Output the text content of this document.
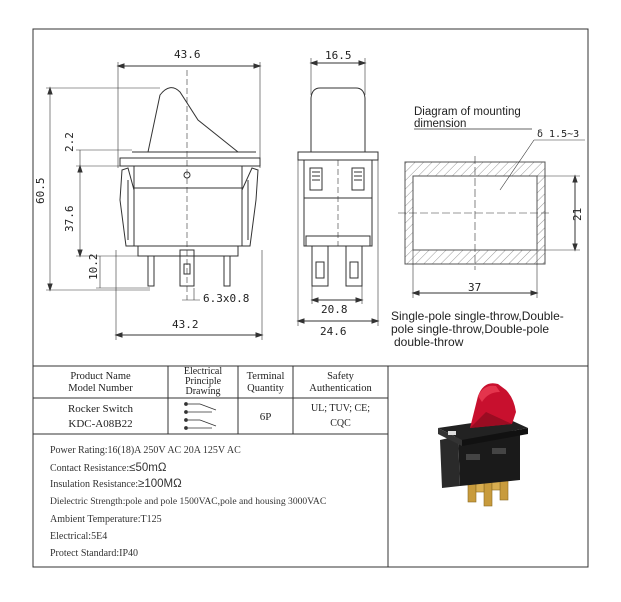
43.6
43.2
60.5
2.2
37.6
10.2
6.3x0.8
16.5
20.8
24.6
Diagram of mounting
dimension
δ 1.5~3
37
21
Single-pole single-throw,Double-
pole single-throw,Double-pole
double-throw
Product Name
Model Number
Electrical
Principle
Drawing
Terminal
Quantity
Safety
Authentication
Rocker Switch
KDC-A08B22
6P
UL; TUV; CE;
CQC
Power Rating:16(18)A 250V AC 20A 125V AC
Contact Resistance:≤50mΩ
Insulation Resistance:≥100MΩ
Dielectric Strength:pole and pole 1500VAC,pole and housing 3000VAC
Ambient Temperature:T125
Electrical:5E4
Protect Standard:IP40
